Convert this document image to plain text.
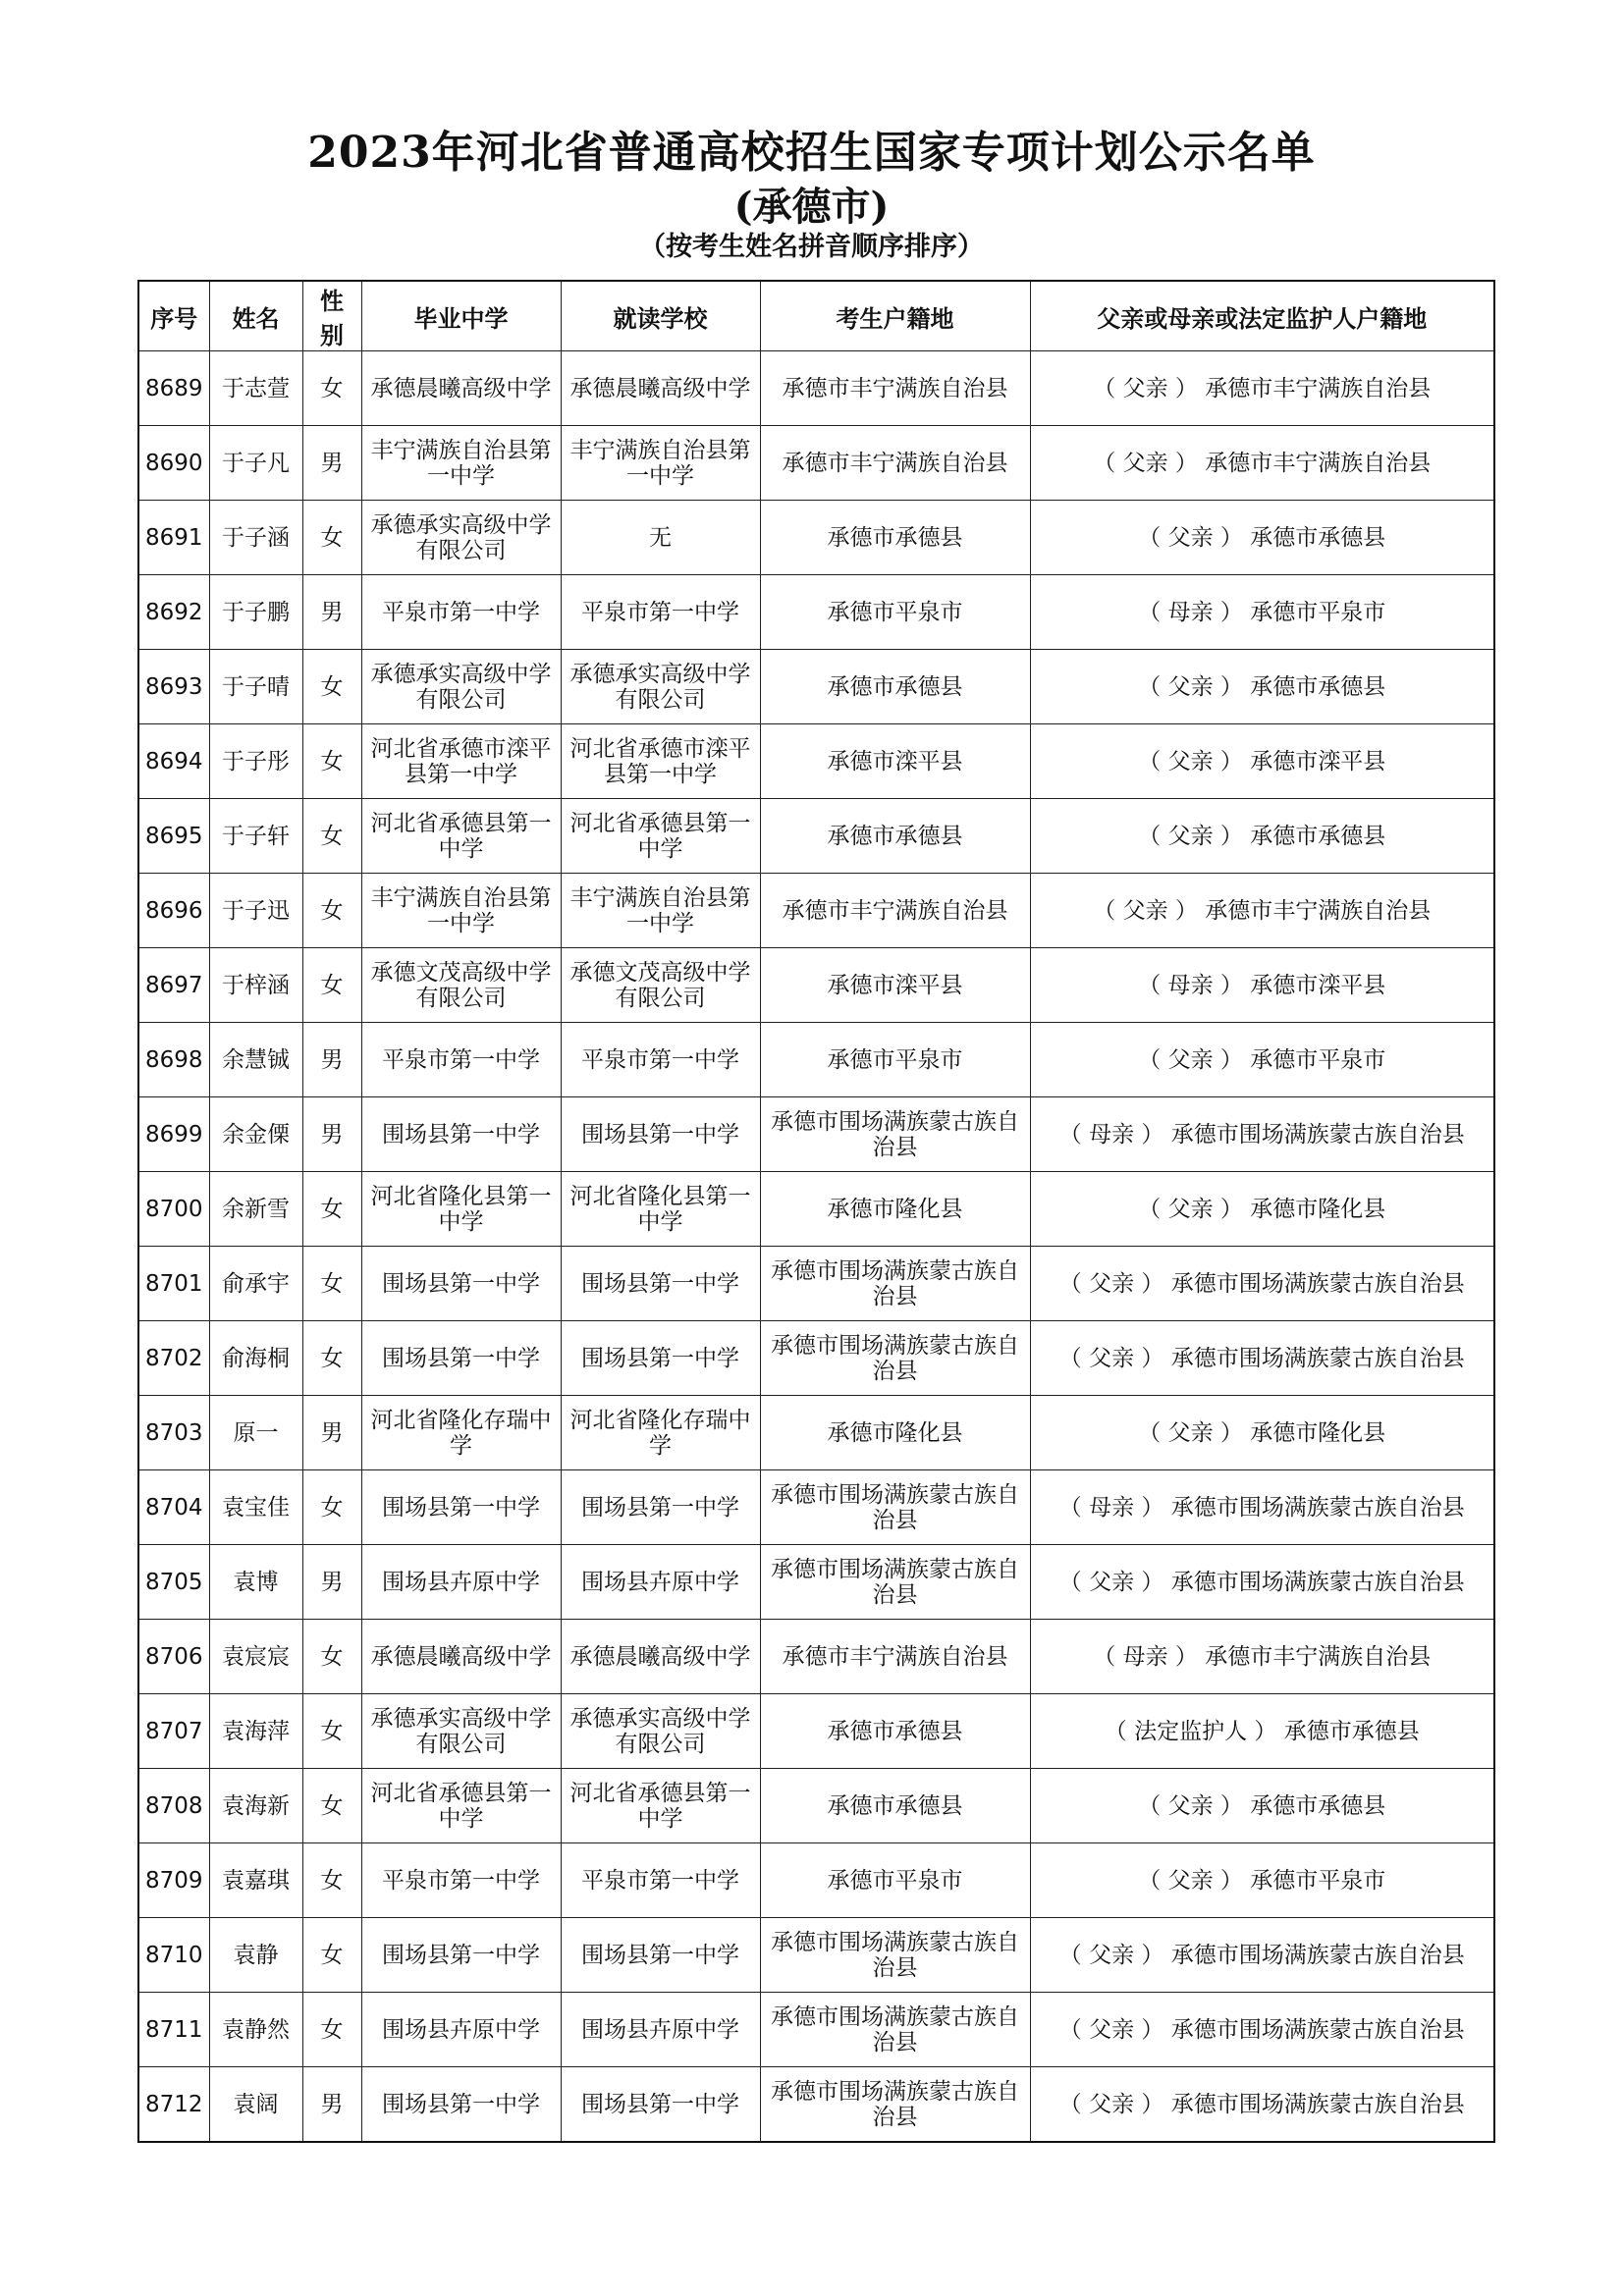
2023年河北省普通高校招生国家专项计划公示名单
(承德市)
（按考生姓名拼音顺序排序）
序号	姓名	性别	毕业中学	就读学校	考生户籍地	父亲或母亲或法定监护人户籍地
8689	于志萱	女	承德晨曦高级中学	承德晨曦高级中学	承德市丰宁满族自治县	（ 父亲 ） 承德市丰宁满族自治县
8690	于子凡	男	丰宁满族自治县第一中学	丰宁满族自治县第一中学	承德市丰宁满族自治县	（ 父亲 ） 承德市丰宁满族自治县
8691	于子涵	女	承德承实高级中学有限公司	无	承德市承德县	（ 父亲 ） 承德市承德县
8692	于子鹏	男	平泉市第一中学	平泉市第一中学	承德市平泉市	（ 母亲 ） 承德市平泉市
8693	于子晴	女	承德承实高级中学有限公司	承德承实高级中学有限公司	承德市承德县	（ 父亲 ） 承德市承德县
8694	于子彤	女	河北省承德市滦平县第一中学	河北省承德市滦平县第一中学	承德市滦平县	（ 父亲 ） 承德市滦平县
8695	于子轩	女	河北省承德县第一中学	河北省承德县第一中学	承德市承德县	（ 父亲 ） 承德市承德县
8696	于子迅	女	丰宁满族自治县第一中学	丰宁满族自治县第一中学	承德市丰宁满族自治县	（ 父亲 ） 承德市丰宁满族自治县
8697	于梓涵	女	承德文茂高级中学有限公司	承德文茂高级中学有限公司	承德市滦平县	（ 母亲 ） 承德市滦平县
8698	余慧铖	男	平泉市第一中学	平泉市第一中学	承德市平泉市	（ 父亲 ） 承德市平泉市
8699	余金傈	男	围场县第一中学	围场县第一中学	承德市围场满族蒙古族自治县	（ 母亲 ） 承德市围场满族蒙古族自治县
8700	余新雪	女	河北省隆化县第一中学	河北省隆化县第一中学	承德市隆化县	（ 父亲 ） 承德市隆化县
8701	俞承宇	女	围场县第一中学	围场县第一中学	承德市围场满族蒙古族自治县	（ 父亲 ） 承德市围场满族蒙古族自治县
8702	俞海桐	女	围场县第一中学	围场县第一中学	承德市围场满族蒙古族自治县	（ 父亲 ） 承德市围场满族蒙古族自治县
8703	原一	男	河北省隆化存瑞中学	河北省隆化存瑞中学	承德市隆化县	（ 父亲 ） 承德市隆化县
8704	袁宝佳	女	围场县第一中学	围场县第一中学	承德市围场满族蒙古族自治县	（ 母亲 ） 承德市围场满族蒙古族自治县
8705	袁博	男	围场县卉原中学	围场县卉原中学	承德市围场满族蒙古族自治县	（ 父亲 ） 承德市围场满族蒙古族自治县
8706	袁宸宸	女	承德晨曦高级中学	承德晨曦高级中学	承德市丰宁满族自治县	（ 母亲 ） 承德市丰宁满族自治县
8707	袁海萍	女	承德承实高级中学有限公司	承德承实高级中学有限公司	承德市承德县	（ 法定监护人 ） 承德市承德县
8708	袁海新	女	河北省承德县第一中学	河北省承德县第一中学	承德市承德县	（ 父亲 ） 承德市承德县
8709	袁嘉琪	女	平泉市第一中学	平泉市第一中学	承德市平泉市	（ 父亲 ） 承德市平泉市
8710	袁静	女	围场县第一中学	围场县第一中学	承德市围场满族蒙古族自治县	（ 父亲 ） 承德市围场满族蒙古族自治县
8711	袁静然	女	围场县卉原中学	围场县卉原中学	承德市围场满族蒙古族自治县	（ 父亲 ） 承德市围场满族蒙古族自治县
8712	袁阔	男	围场县第一中学	围场县第一中学	承德市围场满族蒙古族自治县	（ 父亲 ） 承德市围场满族蒙古族自治县
